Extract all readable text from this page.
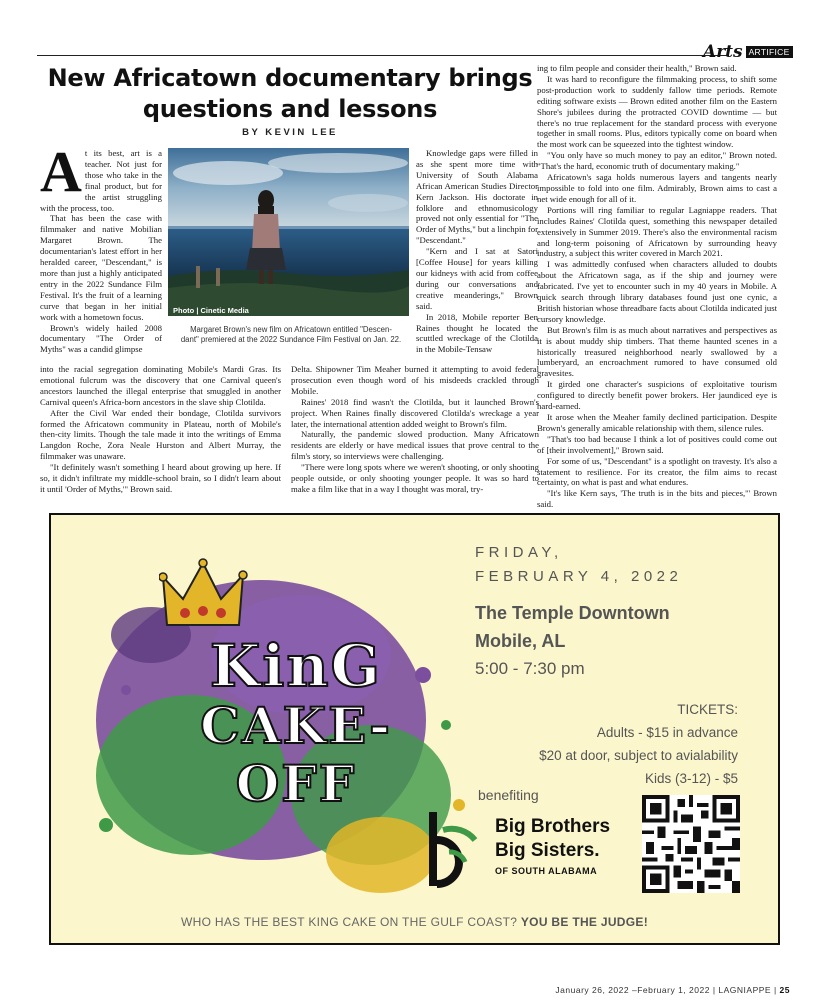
Arts ARTIFICE
New Africatown documentary brings
questions and lessons
BY KEVIN LEE
A t its best, art is a teacher. Not just for those who take in the final product, but for the artist struggling with the process, too.

That has been the case with filmmaker and native Mobilian Margaret Brown. The documentarian's latest effort in her heralded career, "Descendant," is more than just a highly anticipated entry in the 2022 Sundance Film Festival. It's the fruit of a learning curve that began in her initial work with a hometown focus.

Brown's widely hailed 2008 documentary "The Order of Myths" was a candid glimpse

Photo | Cinetic Media
Margaret Brown's new film on Africatown entitled "Descen-
dant" premiered at the 2022 Sundance Film Festival on Jan. 22.

Knowledge gaps were filled in as she spent more time with University of South Alabama African American Studies Director Kern Jackson. His doctorate in folklore and ethnomusicology proved not only essential for "The Order of Myths," but a linchpin for "Descendant."

"Kern and I sat at Satori [Coffee House] for years killing our kidneys with acid from coffee during our conversations and creative meanderings," Brown said.

In 2018, Mobile reporter Ben Raines thought he located the scuttled wreckage of the Clotilda in the Mobile-Tensaw

into the racial segregation dominating Mobile's Mardi Gras. Its emotional fulcrum was the discovery that one Carnival queen's ancestors launched the illegal enterprise that smuggled in another Carnival queen's Africa-born ancestors in the slave ship Clotilda.

After the Civil War ended their bondage, Clotilda survivors formed the Africatown community in Plateau, north of Mobile's then-city limits. Though the tale made it into the writings of Emma Langdon Roche, Zora Neale Hurston and Albert Murray, the filmmaker was unaware.

"It definitely wasn't something I heard about growing up here. If so, it didn't infiltrate my middle-school brain, so I didn't learn about it until 'Order of Myths,'" Brown said.

Delta. Shipowner Tim Meaher burned it attempting to avoid federal prosecution even though word of his misdeeds crackled through Mobile.

Raines' 2018 find wasn't the Clotilda, but it launched Brown's project. When Raines finally discovered Clotilda's wreckage a year later, the international attention added weight to Brown's film.

Naturally, the pandemic slowed production. Many Africatown residents are elderly or have medical issues that prove central to the film's story, so interviews were challenging.

"There were long spots where we weren't shooting, or only shooting people outside, or only shooting younger people. It was so hard to make a film like that in a way I thought was moral, try-

ing to film people and consider their health," Brown said.

It was hard to reconfigure the filmmaking process, to shift some post-production work to suddenly fallow time periods. Remote editing software exists — Brown edited another film on the Eastern Shore's jubilees during the protracted COVID downtime — but there's no true replacement for the standard process with everyone together in small rooms. Plus, editors typically come on board when the most work can be squeezed into the tightest window.

"You only have so much money to pay an editor," Brown noted. "That's the hard, economic truth of documentary making."

Africatown's saga holds numerous layers and tangents nearly impossible to fold into one film. Admirably, Brown aims to cast a net wide enough for all of it.

Portions will ring familiar to regular Lagniappe readers. That includes Raines' Clotilda quest, something this newspaper detailed extensively in Summer 2019. There's also the environmental racism and long-term poisoning of Africatown by surrounding heavy industry, a subject this writer covered in March 2021.

I was admittedly confused when characters alluded to doubts about the Africatown saga, as if the ship and journey were fabricated. I've yet to encounter such in my 40 years in Mobile. A quick search through library databases found just one cynic, a British historian whose threadbare facts about Clotilda indicated just cursory knowledge.

But Brown's film is as much about narratives and perspectives as it is about muddy ship timbers. That theme haunted scenes in a historically treasured neighborhood nearly swallowed by a lumberyard, an encroachment rumored to have consumed old gravesites.

It girded one character's suspicions of exploitative tourism configured to directly benefit power brokers. Her jaundiced eye is hard-earned.

It arose when the Meaher family declined participation. Despite Brown's generally amicable relationship with them, silence rules.

"That's too bad because I think a lot of positives could come out of [their involvement]," Brown said.

For some of us, "Descendant" is a spotlight on travesty. It's also a statement to resilience. For its creator, the film aims to recast certainty, on what is past and what endures.

"It's like Kern says, 'The truth is in the bits and pieces,'" Brown said.

KinG
CAKE-OFF
FRIDAY,
FEBRUARY 4, 2022
The Temple Downtown
Mobile, AL
5:00 - 7:30 pm
TICKETS:
Adults - $15 in advance
$20 at door, subject to avialability
Kids (3-12) - $5
benefiting
Big Brothers
Big Sisters.
OF SOUTH ALABAMA
WHO HAS THE BEST KING CAKE ON THE GULF COAST? YOU BE THE JUDGE!
January 26, 2022 –February 1, 2022 | LAGNIAPPE | 25
